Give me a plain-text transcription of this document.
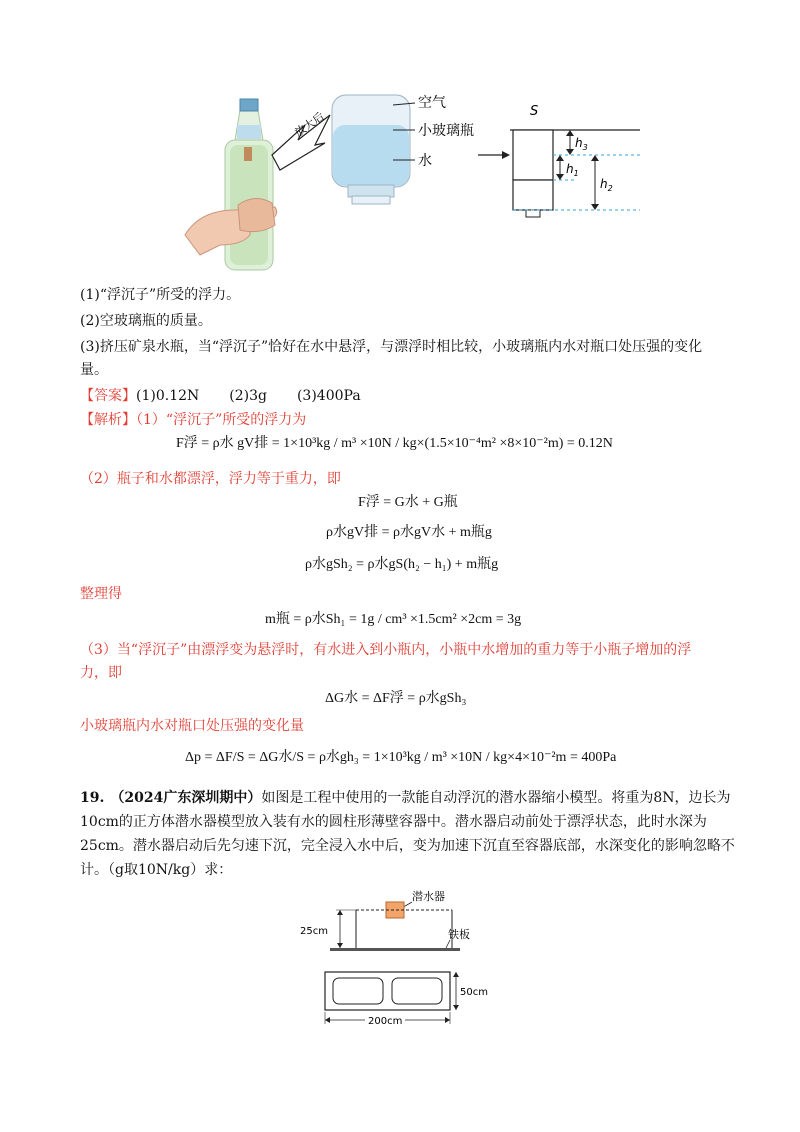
放大后
空气
小玻璃瓶
水
S
$h_3$
$h_1$
$h_2$
(1)“浮沉子”所受的浮力。
(2)空玻璃瓶的质量。
(3)挤压矿泉水瓶，当“浮沉子”恰好在水中悬浮，与漂浮时相比较，小玻璃瓶内水对瓶口处压强的变化
量。
【答案】(1)0.12N (2)3g (3)400Pa
【解析】（1）“浮沉子”所受的浮力为
F浮 = ρ水 gV排 = 1×10³kg / m³ ×10N / kg×(1.5×10⁻⁴m² ×8×10⁻²m) = 0.12N
（2）瓶子和水都漂浮，浮力等于重力，即
F浮 = G水 + G瓶
ρ水gV排 = ρ水gV水 + m瓶g
ρ水gSh₂ = ρ水gS(h₂ − h₁) + m瓶g
整理得
m瓶 = ρ水Sh₁ = 1g / cm³ ×1.5cm² ×2cm = 3g
（3）当“浮沉子”由漂浮变为悬浮时，有水进入到小瓶内，小瓶中水增加的重力等于小瓶子增加的浮
力，即
ΔG水 = ΔF浮 = ρ水gSh₃
小玻璃瓶内水对瓶口处压强的变化量
Δp = ΔF/S = ΔG水/S = ρ水gh₃ = 1×10³kg / m³ ×10N / kg×4×10⁻²m = 400Pa
19. （2024广东深圳期中）如图是工程中使用的一款能自动浮沉的潜水器缩小模型。将重为8N，边长为
10cm的正方体潜水器模型放入装有水的圆柱形薄壁容器中。潜水器启动前处于漂浮状态，此时水深为
25cm。潜水器启动后先匀速下沉，完全浸入水中后，变为加速下沉直至容器底部，水深变化的影响忽略不
计。（g取10N/kg）求：
潜水器
25cm	铁板
50cm
200cm
